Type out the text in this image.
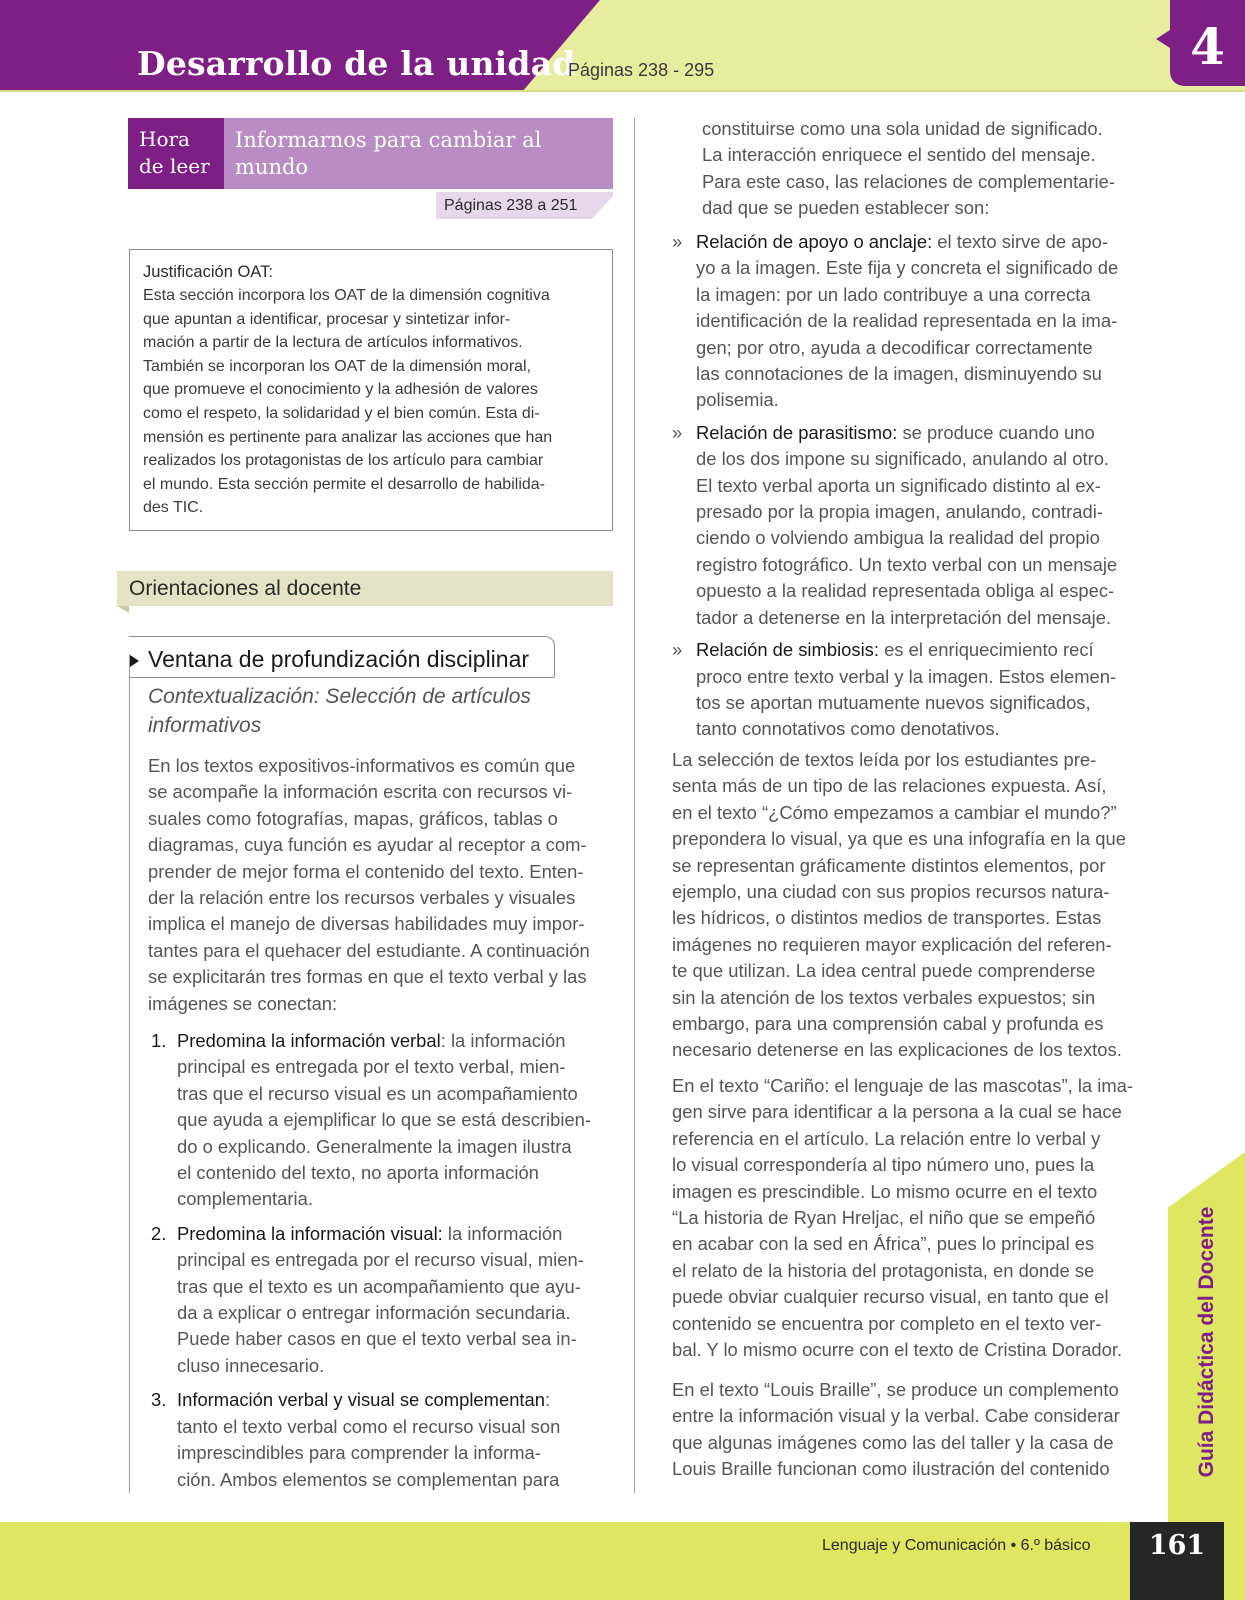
Desarrollo de la unidad
Páginas 238 - 295	4
Hora
de leer
Informarnos para cambiar al
mundo
Páginas 238 a 251
Justificación OAT:
Esta sección incorpora los OAT de la dimensión cognitiva
que apuntan a identificar, procesar y sintetizar infor-
mación a partir de la lectura de artículos informativos.
También se incorporan los OAT de la dimensión moral,
que promueve el conocimiento y la adhesión de valores
como el respeto, la solidaridad y el bien común. Esta di-
mensión es pertinente para analizar las acciones que han
realizados los protagonistas de los artículo para cambiar
el mundo. Esta sección permite el desarrollo de habilida-
des TIC.
Orientaciones al docente
Ventana de profundización disciplinar
Contextualización: Selección de artículos
informativos
En los textos expositivos-informativos es común que
se acompañe la información escrita con recursos vi-
suales como fotografías, mapas, gráficos, tablas o
diagramas, cuya función es ayudar al receptor a com-
prender de mejor forma el contenido del texto. Enten-
der la relación entre los recursos verbales y visuales
implica el manejo de diversas habilidades muy impor-
tantes para el quehacer del estudiante. A continuación
se explicitarán tres formas en que el texto verbal y las
imágenes se conectan:
1. Predomina la información verbal: la información
principal es entregada por el texto verbal, mien-
tras que el recurso visual es un acompañamiento
que ayuda a ejemplificar lo que se está describien-
do o explicando. Generalmente la imagen ilustra
el contenido del texto, no aporta información
complementaria.
2. Predomina la información visual: la información
principal es entregada por el recurso visual, mien-
tras que el texto es un acompañamiento que ayu-
da a explicar o entregar información secundaria.
Puede haber casos en que el texto verbal sea in-
cluso innecesario.
3. Información verbal y visual se complementan:
tanto el texto verbal como el recurso visual son
imprescindibles para comprender la informa-
ción. Ambos elementos se complementan para
constituirse como una sola unidad de significado.
La interacción enriquece el sentido del mensaje.
Para este caso, las relaciones de complementarie-
dad que se pueden establecer son:
» Relación de apoyo o anclaje: el texto sirve de apo-
yo a la imagen. Este fija y concreta el significado de
la imagen: por un lado contribuye a una correcta
identificación de la realidad representada en la ima-
gen; por otro, ayuda a decodificar correctamente
las connotaciones de la imagen, disminuyendo su
polisemia.
» Relación de parasitismo: se produce cuando uno
de los dos impone su significado, anulando al otro.
El texto verbal aporta un significado distinto al ex-
presado por la propia imagen, anulando, contradi-
ciendo o volviendo ambigua la realidad del propio
registro fotográfico. Un texto verbal con un mensaje
opuesto a la realidad representada obliga al espec-
tador a detenerse en la interpretación del mensaje.
» Relación de simbiosis: es el enriquecimiento recí
proco entre texto verbal y la imagen. Estos elemen-
tos se aportan mutuamente nuevos significados,
tanto connotativos como denotativos.
La selección de textos leída por los estudiantes pre-
senta más de un tipo de las relaciones expuesta. Así,
en el texto “¿Cómo empezamos a cambiar el mundo?”
prepondera lo visual, ya que es una infografía en la que
se representan gráficamente distintos elementos, por
ejemplo, una ciudad con sus propios recursos natura-
les hídricos, o distintos medios de transportes. Estas
imágenes no requieren mayor explicación del referen-
te que utilizan. La idea central puede comprenderse
sin la atención de los textos verbales expuestos; sin
embargo, para una comprensión cabal y profunda es
necesario detenerse en las explicaciones de los textos.
En el texto “Cariño: el lenguaje de las mascotas”, la ima-
gen sirve para identificar a la persona a la cual se hace
referencia en el artículo. La relación entre lo verbal y
lo visual correspondería al tipo número uno, pues la
imagen es prescindible. Lo mismo ocurre en el texto
“La historia de Ryan Hreljac, el niño que se empeñó
en acabar con la sed en África”, pues lo principal es
el relato de la historia del protagonista, en donde se
puede obviar cualquier recurso visual, en tanto que el
contenido se encuentra por completo en el texto ver-
bal. Y lo mismo ocurre con el texto de Cristina Dorador.
En el texto “Louis Braille”, se produce un complemento
entre la información visual y la verbal. Cabe considerar
que algunas imágenes como las del taller y la casa de
Louis Braille funcionan como ilustración del contenido	Guía Didáctica del Docente
Lenguaje y Comunicación • 6.º básico	161
